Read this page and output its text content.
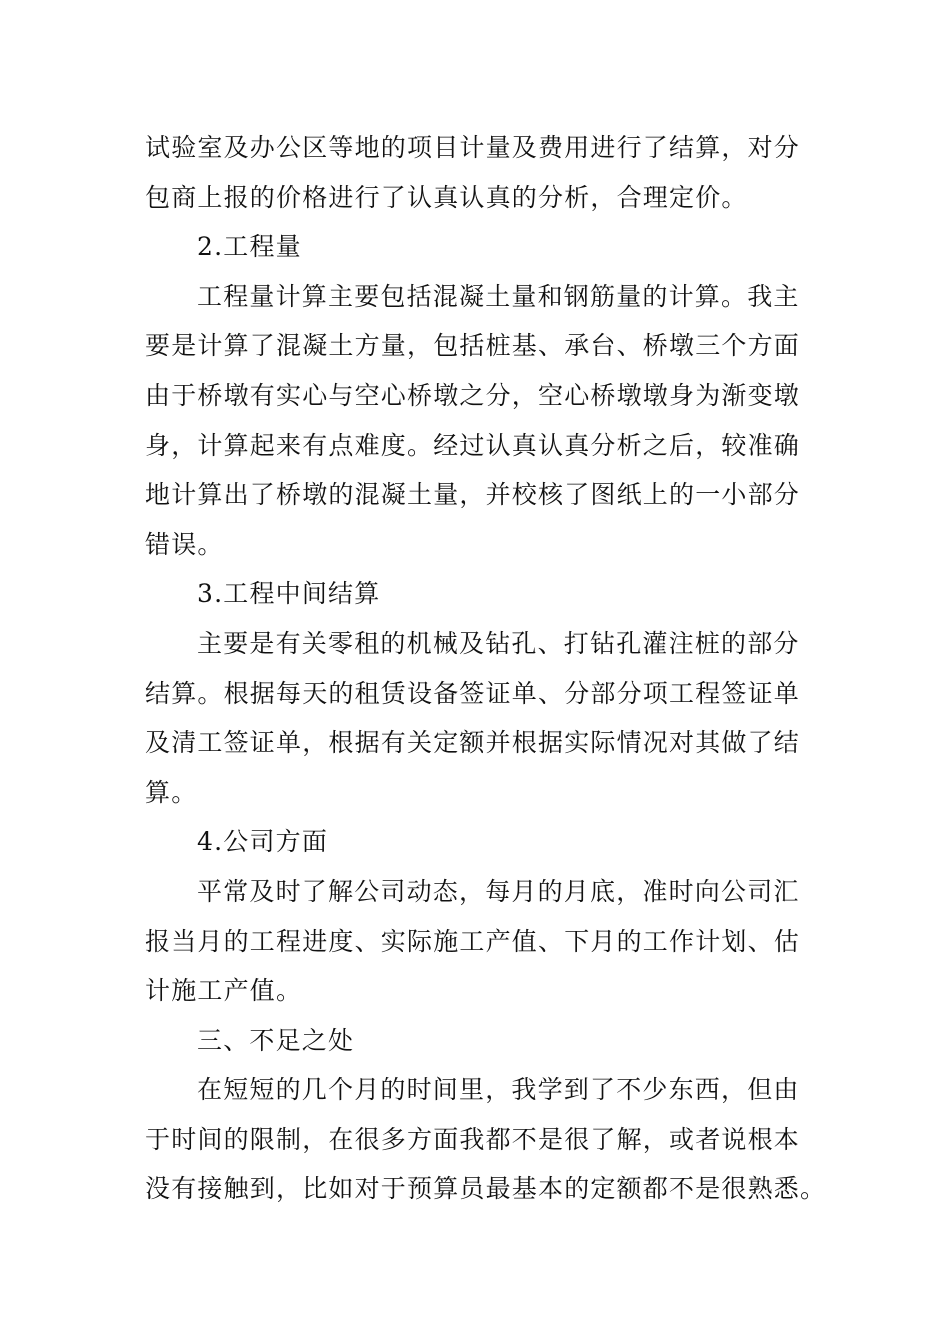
试验室及办公区等地的项目计量及费用进行了结算，对分
包商上报的价格进行了认真认真的分析，合理定价。
2.工程量
工程量计算主要包括混凝土量和钢筋量的计算。我主
要是计算了混凝土方量，包括桩基、承台、桥墩三个方面
由于桥墩有实心与空心桥墩之分，空心桥墩墩身为渐变墩
身，计算起来有点难度。经过认真认真分析之后，较准确
地计算出了桥墩的混凝土量，并校核了图纸上的一小部分
错误。
3.工程中间结算
主要是有关零租的机械及钻孔、打钻孔灌注桩的部分
结算。根据每天的租赁设备签证单、分部分项工程签证单
及清工签证单，根据有关定额并根据实际情况对其做了结
算。
4.公司方面
平常及时了解公司动态，每月的月底，准时向公司汇
报当月的工程进度、实际施工产值、下月的工作计划、估
计施工产值。
三、不足之处
在短短的几个月的时间里，我学到了不少东西，但由
于时间的限制，在很多方面我都不是很了解，或者说根本
没有接触到，比如对于预算员最基本的定额都不是很熟悉。
